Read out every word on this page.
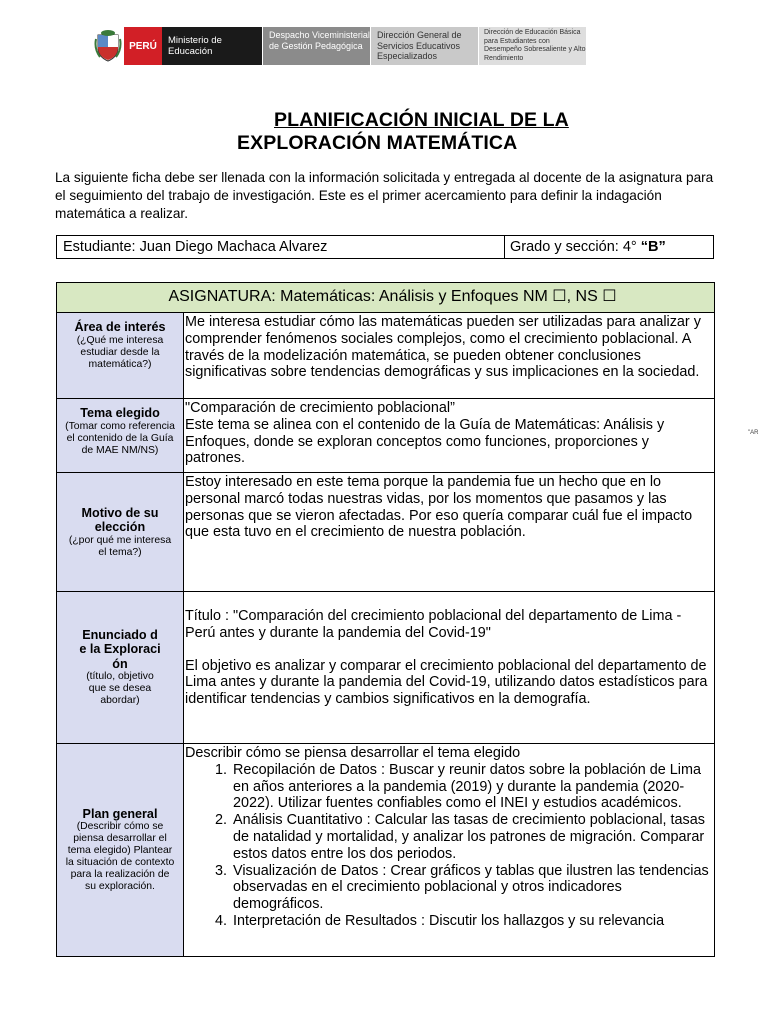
PERÚ	Ministerio de Educación
Despacho Viceministerial de Gestión Pedagógica
Dirección General de Servicios Educativos Especializados
Dirección de Educación Básica para Estudiantes con Desempeño Sobresaliente y Alto Rendimiento
PLANIFICACIÓN INICIAL DE LA
EXPLORACIÓN MATEMÁTICA
La siguiente ficha debe ser llenada con la información solicitada y entregada al docente de la asignatura para el seguimiento del trabajo de investigación. Este es el primer acercamiento para definir la indagación matemática a realizar.
Estudiante: Juan Diego Machaca Alvarez	Grado y sección: 4° “B”
ASIGNATURA: Matemáticas: Análisis y Enfoques NM ☐, NS ☐
Área de interés
(¿Qué me interesa estudiar desde la matemática?)

Me interesa estudiar cómo las matemáticas pueden ser utilizadas para analizar y comprender fenómenos sociales complejos, como el crecimiento poblacional. A través de la modelización matemática, se pueden obtener conclusiones significativas sobre tendencias demográficas y sus implicaciones en la sociedad.

Tema elegido
(Tomar como referencia el contenido de la Guía de MAE NM/NS)

"Comparación de crecimiento poblacional”

Este tema se alinea con el contenido de la Guía de Matemáticas: Análisis y Enfoques, donde se exploran conceptos como funciones, proporciones y patrones.

Motivo de su elección
(¿por qué me interesa el tema?)

Estoy interesado en este tema porque la pandemia fue un hecho que en lo personal marcó todas nuestras vidas, por los momentos que pasamos y las personas que se vieron afectadas. Por eso quería comparar cuál fue el impacto que esta tuvo en el crecimiento de nuestra población.

Enunciado de la Exploración
(título, objetivo que se desea abordar)

Título : "Comparación del crecimiento poblacional del departamento de Lima - Perú antes y durante la pandemia del Covid-19"

El objetivo es analizar y comparar el crecimiento poblacional del departamento de Lima antes y durante la pandemia del Covid-19, utilizando datos estadísticos para identificar tendencias y cambios significativos en la demografía.

Plan general
(Describir cómo se piensa desarrollar el tema elegido) Plantear la situación de contexto para la realización de su exploración.

Describir cómo se piensa desarrollar el tema elegido

1. Recopilación de Datos : Buscar y reunir datos sobre la población de Lima en años anteriores a la pandemia (2019) y durante la pandemia (2020-2022). Utilizar fuentes confiables como el INEI y estudios académicos.
2. Análisis Cuantitativo : Calcular las tasas de crecimiento poblacional, tasas de natalidad y mortalidad, y analizar los patrones de migración. Comparar estos datos entre los dos periodos.
3. Visualización de Datos : Crear gráficos y tablas que ilustren las tendencias observadas en el crecimiento poblacional y otros indicadores demográficos.
4. Interpretación de Resultados : Discutir los hallazgos y su relevancia
"AR
